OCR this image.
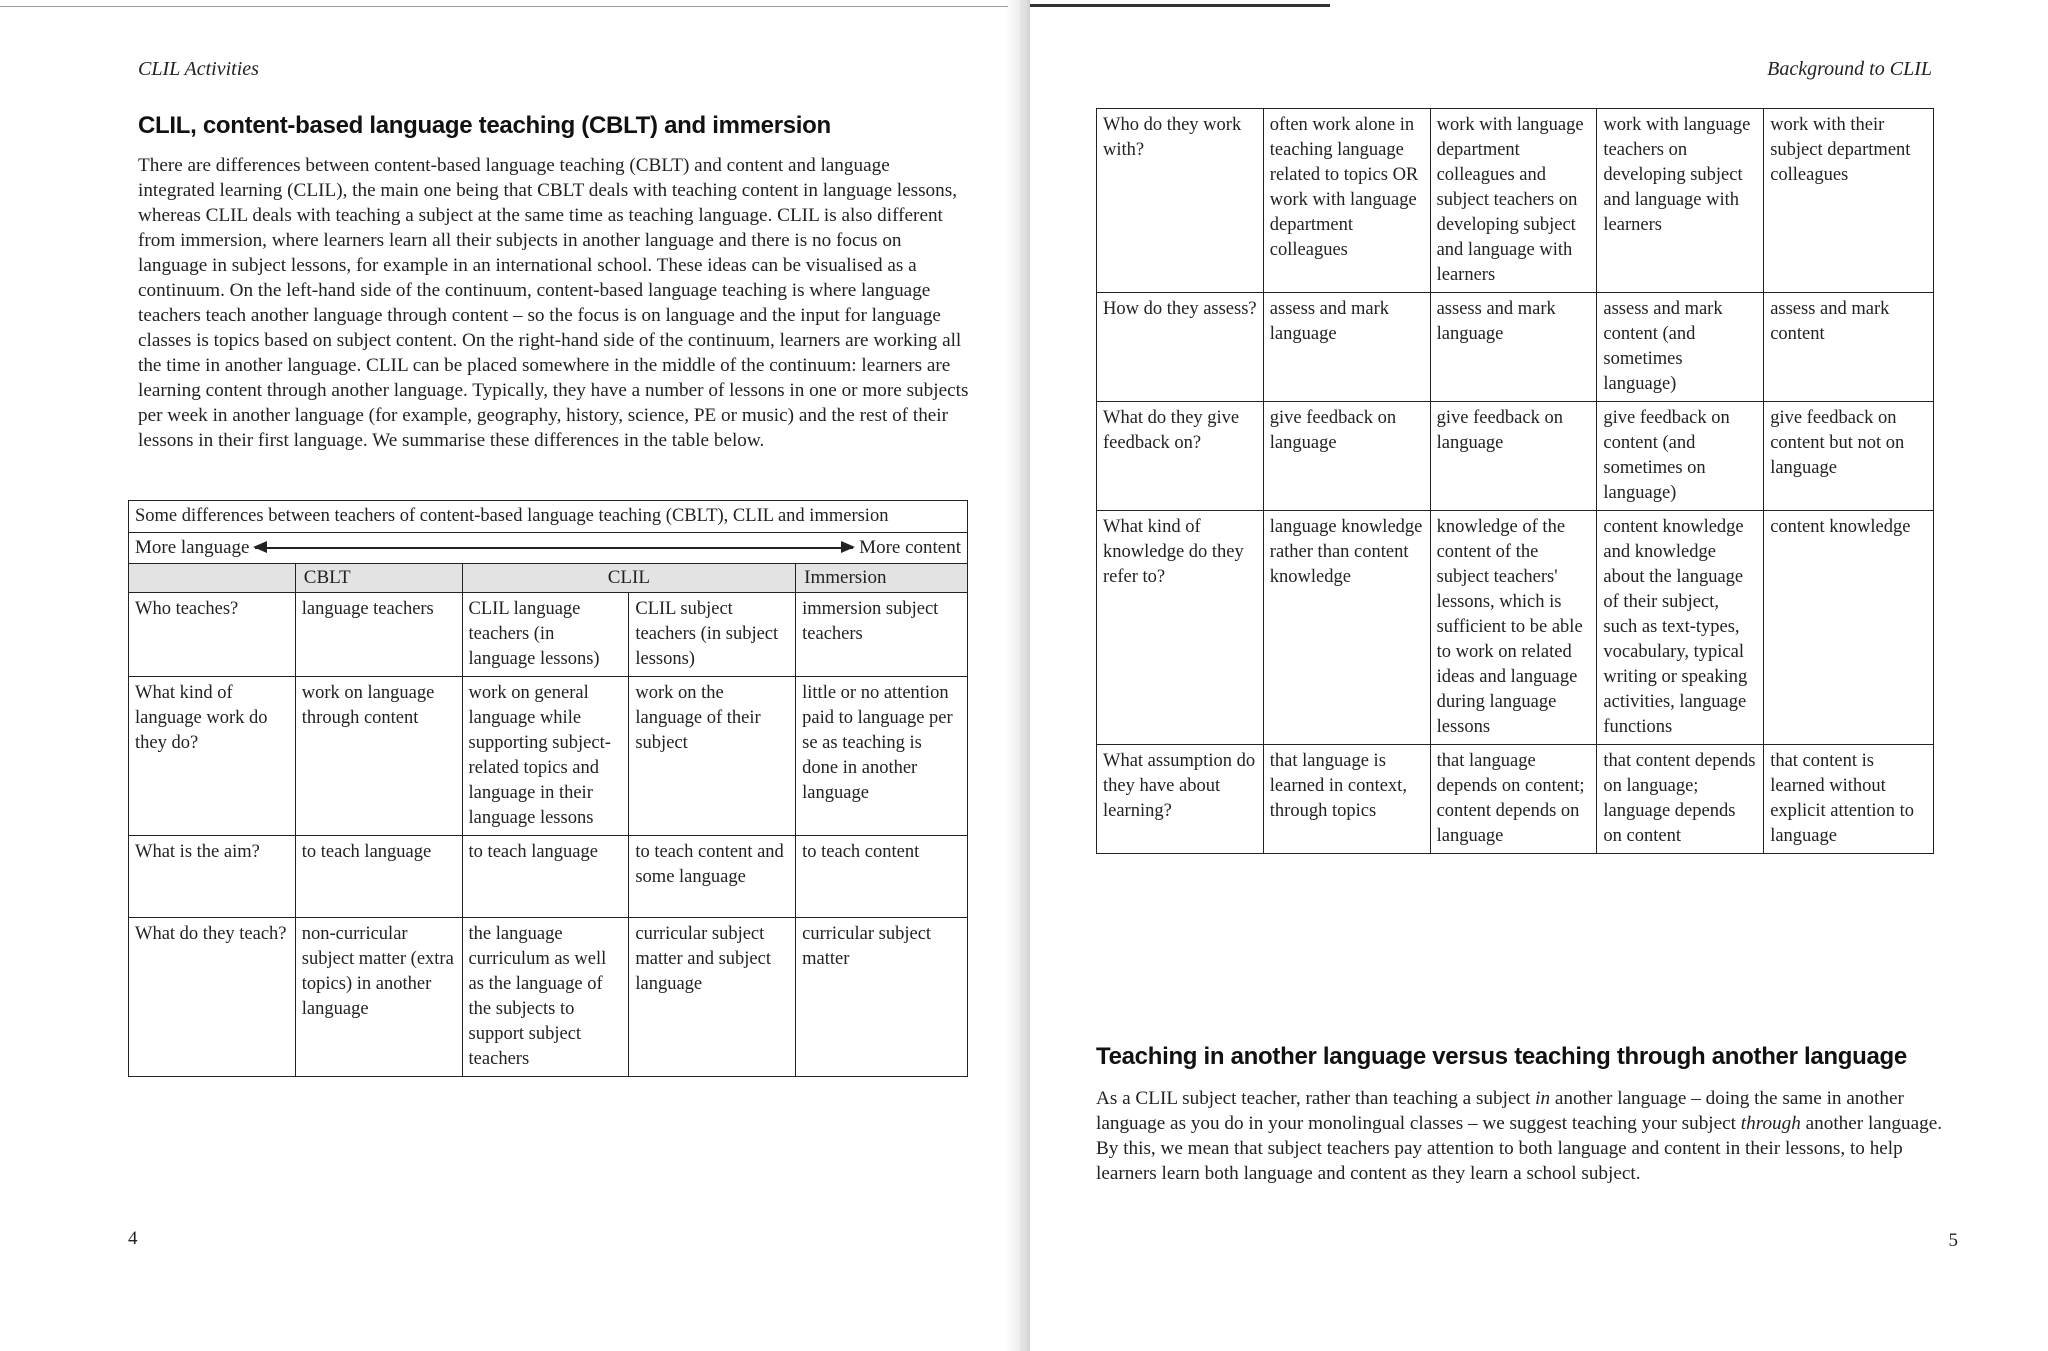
CLIL Activities
CLIL, content-based language teaching (CBLT) and immersion

There are differences between content-based language teaching (CBLT) and content and language integrated learning (CLIL), the main one being that CBLT deals with teaching content in language lessons, whereas CLIL deals with teaching a subject at the same time as teaching language. CLIL is also different from immersion, where learners learn all their subjects in another language and there is no focus on language in subject lessons, for example in an international school. These ideas can be visualised as a continuum. On the left-hand side of the continuum, content-based language teaching is where language teachers teach another language through content – so the focus is on language and the input for language classes is topics based on subject content. On the right-hand side of the continuum, learners are working all the time in another language. CLIL can be placed somewhere in the middle of the continuum: learners are learning content through another language. Typically, they have a number of lessons in one or more subjects per week in another language (for example, geography, history, science, PE or music) and the rest of their lessons in their first language. We summarise these differences in the table below.

Some differences between teachers of content-based language teaching (CBLT), CLIL and immersion				

More language More content				

	CBLT	CLIL		Immersion
Who teaches?	language teachers	CLIL language teachers (in language lessons)	CLIL subject teachers (in subject lessons)	immersion subject teachers
What kind of language work do they do?	work on language through content	work on general language while supporting subject-related topics and language in their language lessons	work on the language of their subject	little or no attention paid to language per se as teaching is done in another language
What is the aim?	to teach language	to teach language	to teach content and some language	to teach content
What do they teach?	non-curricular subject matter (extra topics) in another language	the language curriculum as well as the language of the subjects to support subject teachers	curricular subject matter and subject language	curricular subject matter
4
Background to CLIL
Who do they work with?	often work alone in teaching language related to topics OR work with language department colleagues	work with language department colleagues and subject teachers on developing subject and language with learners	work with language teachers on developing subject and language with learners	work with their subject department colleagues
How do they assess?	assess and mark language	assess and mark language	assess and mark content (and sometimes language)	assess and mark content
What do they give feedback on?	give feedback on language	give feedback on language	give feedback on content (and sometimes on language)	give feedback on content but not on language
What kind of knowledge do they refer to?	language knowledge rather than content knowledge	knowledge of the content of the subject teachers' lessons, which is sufficient to be able to work on related ideas and language during language lessons	content knowledge and knowledge about the language of their subject, such as text-types, vocabulary, typical writing or speaking activities, language functions	content knowledge
What assumption do they have about learning?	that language is learned in context, through topics	that language depends on content; content depends on language	that content depends on language; language depends on content	that content is learned without explicit attention to language
Teaching in another language versus teaching through another language

As a CLIL subject teacher, rather than teaching a subject in another language – doing the same in another language as you do in your monolingual classes – we suggest teaching your subject through another language. By this, we mean that subject teachers pay attention to both language and content in their lessons, to help learners learn both language and content as they learn a school subject.

5
